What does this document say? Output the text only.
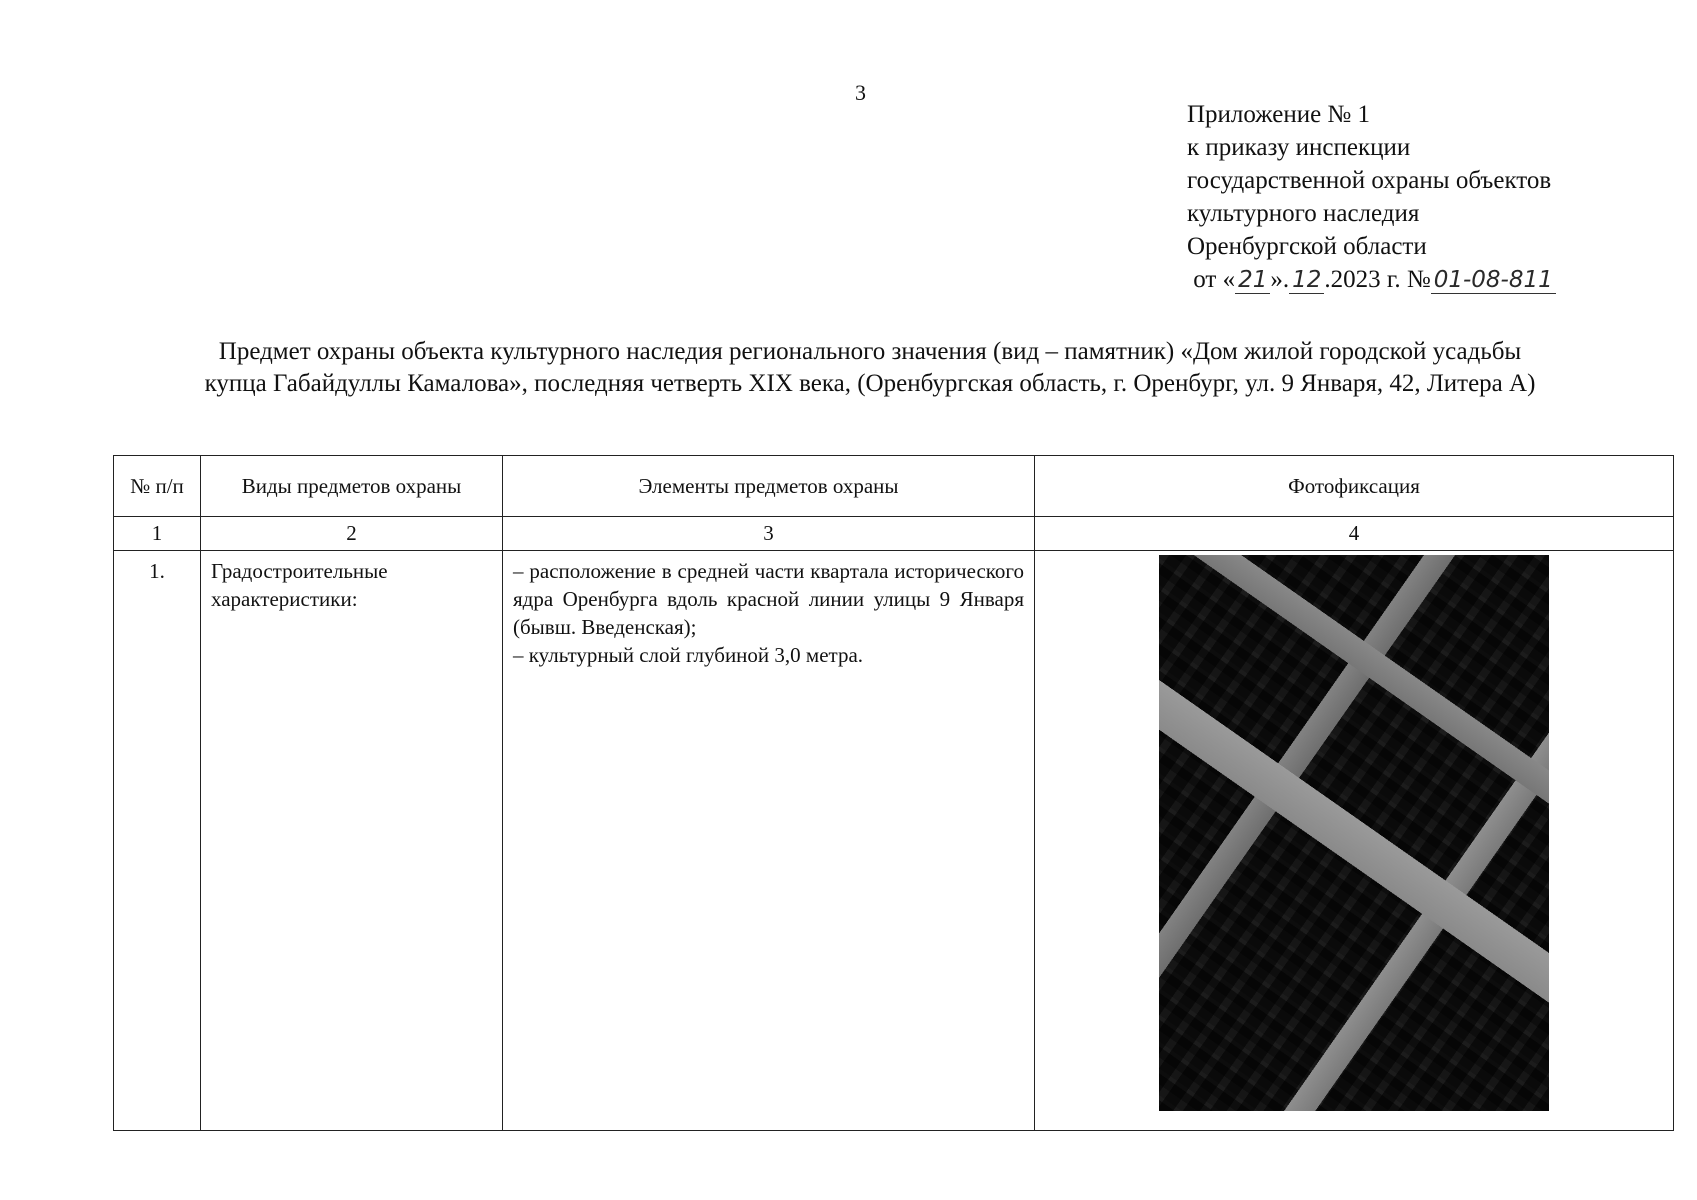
3
Приложение № 1
к приказу инспекции
государственной охраны объектов
культурного наследия
Оренбургской области
от « 21 ». 12 .2023 г. № 01-08-811
Предмет охраны объекта культурного наследия регионального значения (вид – памятник) «Дом жилой городской усадьбы
купца Габайдуллы Камалова», последняя четверть XIX века, (Оренбургская область, г. Оренбург, ул. 9 Января, 42, Литера А)
№ п/п	Виды предметов охраны	Элементы предметов охраны	Фотофиксация
1	2	3	4
1.	Градостроительные характеристики:	– расположение в средней части квартала исторического ядра Оренбурга вдоль красной линии улицы 9 Января (бывш. Введенская);
– культурный слой глубиной 3,0 метра.	
